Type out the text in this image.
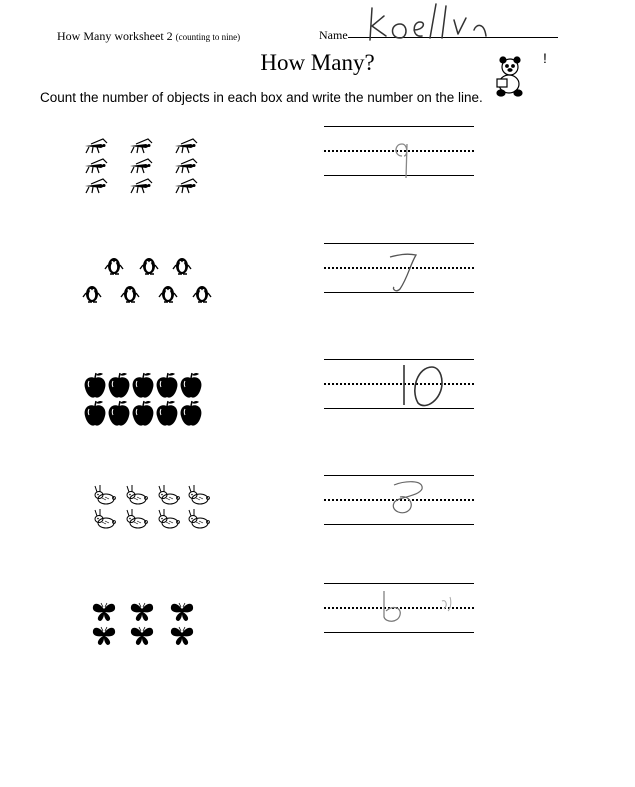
How Many worksheet 2 (counting to nine)	Name
How Many?	!
Count the number of objects in each box and write the number on the line.
